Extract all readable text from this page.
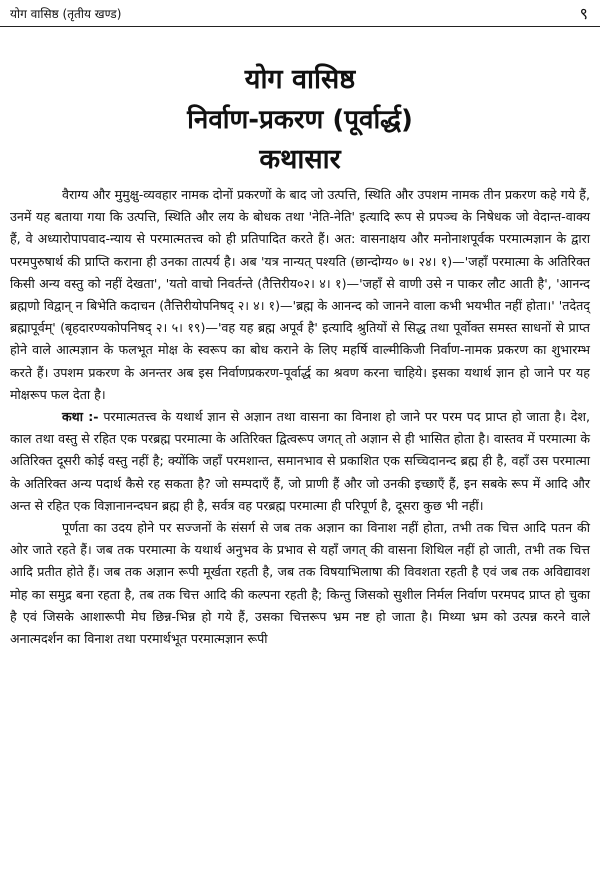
योग वासिष्ठ (तृतीय खण्ड)	९
योग वासिष्ठ
निर्वाण-प्रकरण (पूर्वार्द्ध)
कथासार

वैराग्य और मुमुक्षु-व्यवहार नामक दोनों प्रकरणों के बाद जो उत्पत्ति, स्थिति और उपशम नामक तीन प्रकरण कहे गये हैं, उनमें यह बताया गया कि उत्पत्ति, स्थिति और लय के बोधक तथा 'नेति-नेति' इत्यादि रूप से प्रपञ्च के निषेधक जो वेदान्त-वाक्य हैं, वे अध्यारोपापवाद-न्याय से परमात्मतत्त्व को ही प्रतिपादित करते हैं। अत: वासनाक्षय और मनोनाशपूर्वक परमात्मज्ञान के द्वारा परमपुरुषार्थ की प्राप्ति कराना ही उनका तात्पर्य है। अब 'यत्र नान्यत् पश्यति (छान्दोग्य० ७। २४। १)—'जहाँ परमात्मा के अतिरिक्त किसी अन्य वस्तु को नहीं देखता', 'यतो वाचो निवर्तन्ते (तैत्तिरीय०२। ४। १)—'जहाँ से वाणी उसे न पाकर लौट आती है', 'आनन्द ब्रह्मणो विद्वान् न बिभेति कदाचन (तैत्तिरीयोपनिषद् २। ४। १)—'ब्रह्म के आनन्द को जानने वाला कभी भयभीत नहीं होता।' 'तदेतद् ब्रह्मापूर्वम्' (बृहदारण्यकोपनिषद् २। ५। १९)—'वह यह ब्रह्म अपूर्व है' इत्यादि श्रुतियों से सिद्ध तथा पूर्वोक्त समस्त साधनों से प्राप्त होने वाले आत्मज्ञान के फलभूत मोक्ष के स्वरूप का बोध कराने के लिए महर्षि वाल्मीकिजी निर्वाण-नामक प्रकरण का शुभारम्भ करते हैं। उपशम प्रकरण के अनन्तर अब इस निर्वाणप्रकरण-पूर्वार्द्ध का श्रवण करना चाहिये। इसका यथार्थ ज्ञान हो जाने पर यह मोक्षरूप फल देता है।

कथा :- परमात्मतत्त्व के यथार्थ ज्ञान से अज्ञान तथा वासना का विनाश हो जाने पर परम पद प्राप्त हो जाता है। देश, काल तथा वस्तु से रहित एक परब्रह्म परमात्मा के अतिरिक्त द्वित्वरूप जगत् तो अज्ञान से ही भासित होता है। वास्तव में परमात्मा के अतिरिक्त दूसरी कोई वस्तु नहीं है; क्योंकि जहाँ परमशान्त, समानभाव से प्रकाशित एक सच्चिदानन्द ब्रह्म ही है, वहाँ उस परमात्मा के अतिरिक्त अन्य पदार्थ कैसे रह सकता है? जो सम्पदाएँ हैं, जो प्राणी हैं और जो उनकी इच्छाएँ हैं, इन सबके रूप में आदि और अन्त से रहित एक विज्ञानानन्दघन ब्रह्म ही है, सर्वत्र वह परब्रह्म परमात्मा ही परिपूर्ण है, दूसरा कुछ भी नहीं।

पूर्णता का उदय होने पर सज्जनों के संसर्ग से जब तक अज्ञान का विनाश नहीं होता, तभी तक चित्त आदि पतन की ओर जाते रहते हैं। जब तक परमात्मा के यथार्थ अनुभव के प्रभाव से यहाँ जगत् की वासना शिथिल नहीं हो जाती, तभी तक चित्त आदि प्रतीत होते हैं। जब तक अज्ञान रूपी मूर्खता रहती है, जब तक विषयाभिलाषा की विवशता रहती है एवं जब तक अविद्यावश मोह का समुद्र बना रहता है, तब तक चित्त आदि की कल्पना रहती है; किन्तु जिसको सुशील निर्मल निर्वाण परमपद प्राप्त हो चुका है एवं जिसके आशारूपी मेघ छिन्न-भिन्न हो गये हैं, उसका चित्तरूप भ्रम नष्ट हो जाता है। मिथ्या भ्रम को उत्पन्न करने वाले अनात्मदर्शन का विनाश तथा परमार्थभूत परमात्मज्ञान रूपी
